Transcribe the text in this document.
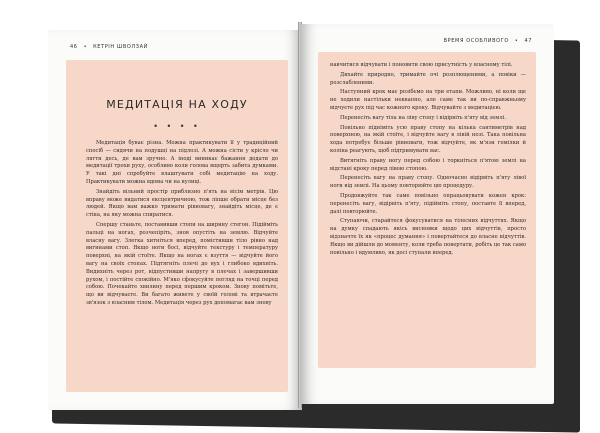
46 • КЕТРІН ШВОЛЗАЙ
МЕДИТАЦІЯ НА ХОДУ
• • • •

Медитація буває різна. Можна практикувати її у традиційний спосіб — сидячи на подушці на підлозі. А можна сісти у крісло чи лягти десь, де вам зручно. А іноді виникає бажання додати до медитації трохи руху, особливо коли голова вщерть забита думками. У такі дні спробуйте влаштувати собі медитацію на ходу. Практикувати можна вдома чи на вулиці.

Знайдіть вільний простір приблизно п'ять на вісім метрів. Цю вправу може видатися ексцентричною, тож ліпше обрати місце без людей. Якщо вам важко тримати рівновагу, знайдіть місце, де є стіна, на яку можна спиратися.

Спершу станьте, поставивши стопи на ширину стегон. Підійміть пальці на ногах, розчепіріть, знов опустіть на землю. Відчуйте власну вагу. Злегка хитніться вперед, помістивши тіло рівно над вигинами стоп. Якщо ноги босі, відчуйте текстуру і температуру поверхні, на якій стоїте. Якщо на ногах є взуття — відчуйте його вагу на своїх стопах. Підтягніть плечі до вух і глибоко вдихніть. Видихніть через рот, відпустивши напругу в плечах і завершивши рухом, і постійте спокійно. М'яко сфокусуйте погляд на точці перед собою. Почекайте хвилину перед першим кроком. Знову помітьте, що ви відчуваєте. Ви багато живете у своїй голові та втрачаєте зв'язок з власним тілом. Медитація через рух допомагає вам знову

ВРЕМЯ ОСОБЛИВОГО • 47

навчитися відчувати і поновити свою присутність у власному тілі.

Дихайте природно, тримайте очі розплющеними, а повіки — розслабленими.

Наступний крок має розібємо на три етапи. Можливо, ні коли ще не ходили настільки неквапно, але саме так ви по-справжньому відчуєте рух під час кожного кроку. Відчувайте з медитацією.

Перенесіть вагу тіла на ліву стопу і відірвіть п'яту від землі.

Повільно підніміть усю праву стопу на кілька сантиметрів над поверхнею, на якій стоїте, і відчуйте вагу в лівій нозі. Така повільна хода потребує більше рівноваги, тож відчуйте, як м'язи гомілки й коліна реагують, щоб підтримувати вас.

Витягніть праву ногу перед собою і торкніться п'ятою землі на відстані кроку перед лівою стопою.

Перенесіть вагу на праву стопу. Одночасно відірвіть п'яту лівої ноги від землі. На цьому повторюйте цю процедуру.

Продовжуйте так саме повільно опрацьовувати кожен крок: перенесіть вагу, відірвіть п'яту, підійміть стопу, поставте її вперед, далі повторюйте.

Ступаючи, старайтеся фокусуватися на тілесних відчуттях. Якщо на думку спадають якісь висновки щодо цих відчуттів, просто відзначте їх як «процес думання» і повертайтеся до власне відчуттів. Якщо ви дійшли до моменту, коли треба повертати, робіть це так само повільно і вдумливо, як досі ступали вперед.
